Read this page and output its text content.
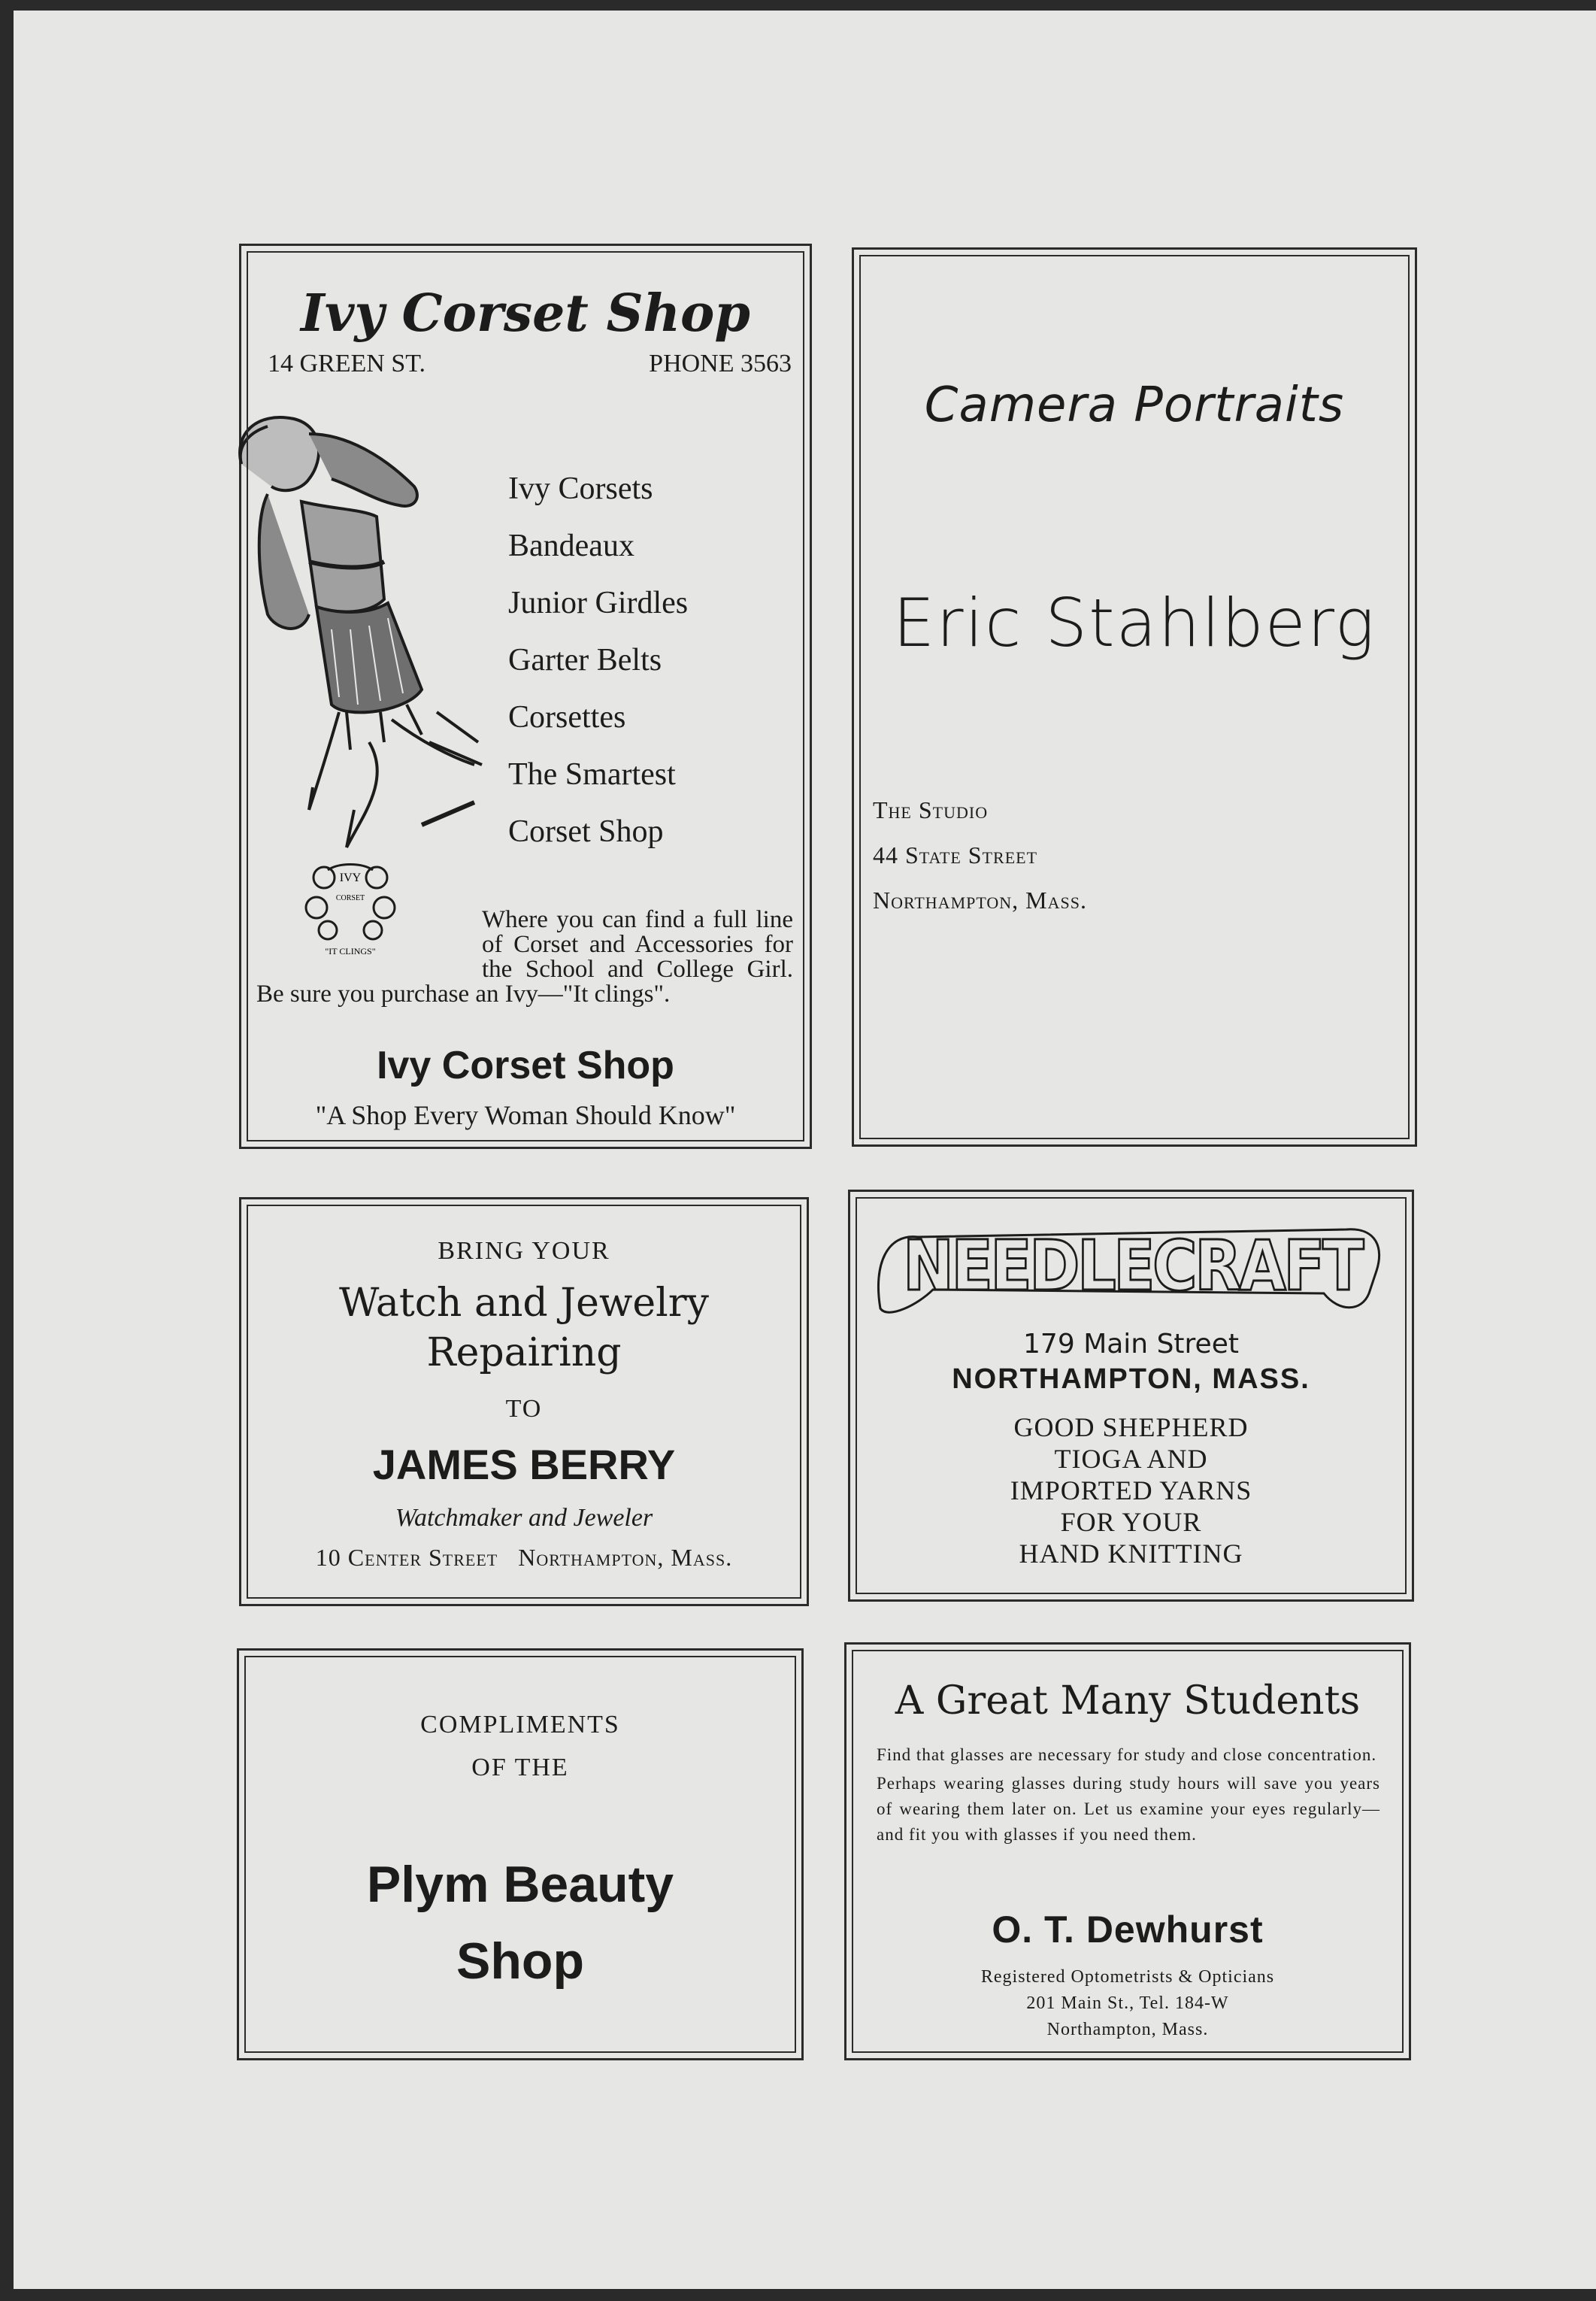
Ivy Corset Shop
14 GREEN ST.	PHONE 3563
Ivy Corsets
Bandeaux
Junior Girdles
Garter Belts
Corsettes
The Smartest
Corset Shop
IVY
CORSET
"IT CLINGS"
Where you can find a full line of Corset and Accessories for the School and College Girl. Be sure you purchase an Ivy—"It clings".
Ivy Corset Shop
"A Shop Every Woman Should Know"
Camera Portraits
Eric Stahlberg
The Studio
44 State Street
Northampton, Mass.
BRING YOUR
Watch and Jewelry
Repairing
TO
JAMES BERRY
Watchmaker and Jeweler
10 Center Street   Northampton, Mass.
NEEDLECRAFT
179 Main Street
NORTHAMPTON, MASS.
GOOD SHEPHERD
TIOGA AND
IMPORTED YARNS
FOR YOUR
HAND KNITTING
COMPLIMENTS
OF THE
Plym Beauty
Shop
A Great Many Students

Find that glasses are necessary for study and close concentration.

Perhaps wearing glasses during study hours will save you years of wearing them later on. Let us examine your eyes regularly—and fit you with glasses if you need them.

O. T. Dewhurst
Registered Optometrists & Opticians
201 Main St., Tel. 184-W
Northampton, Mass.
